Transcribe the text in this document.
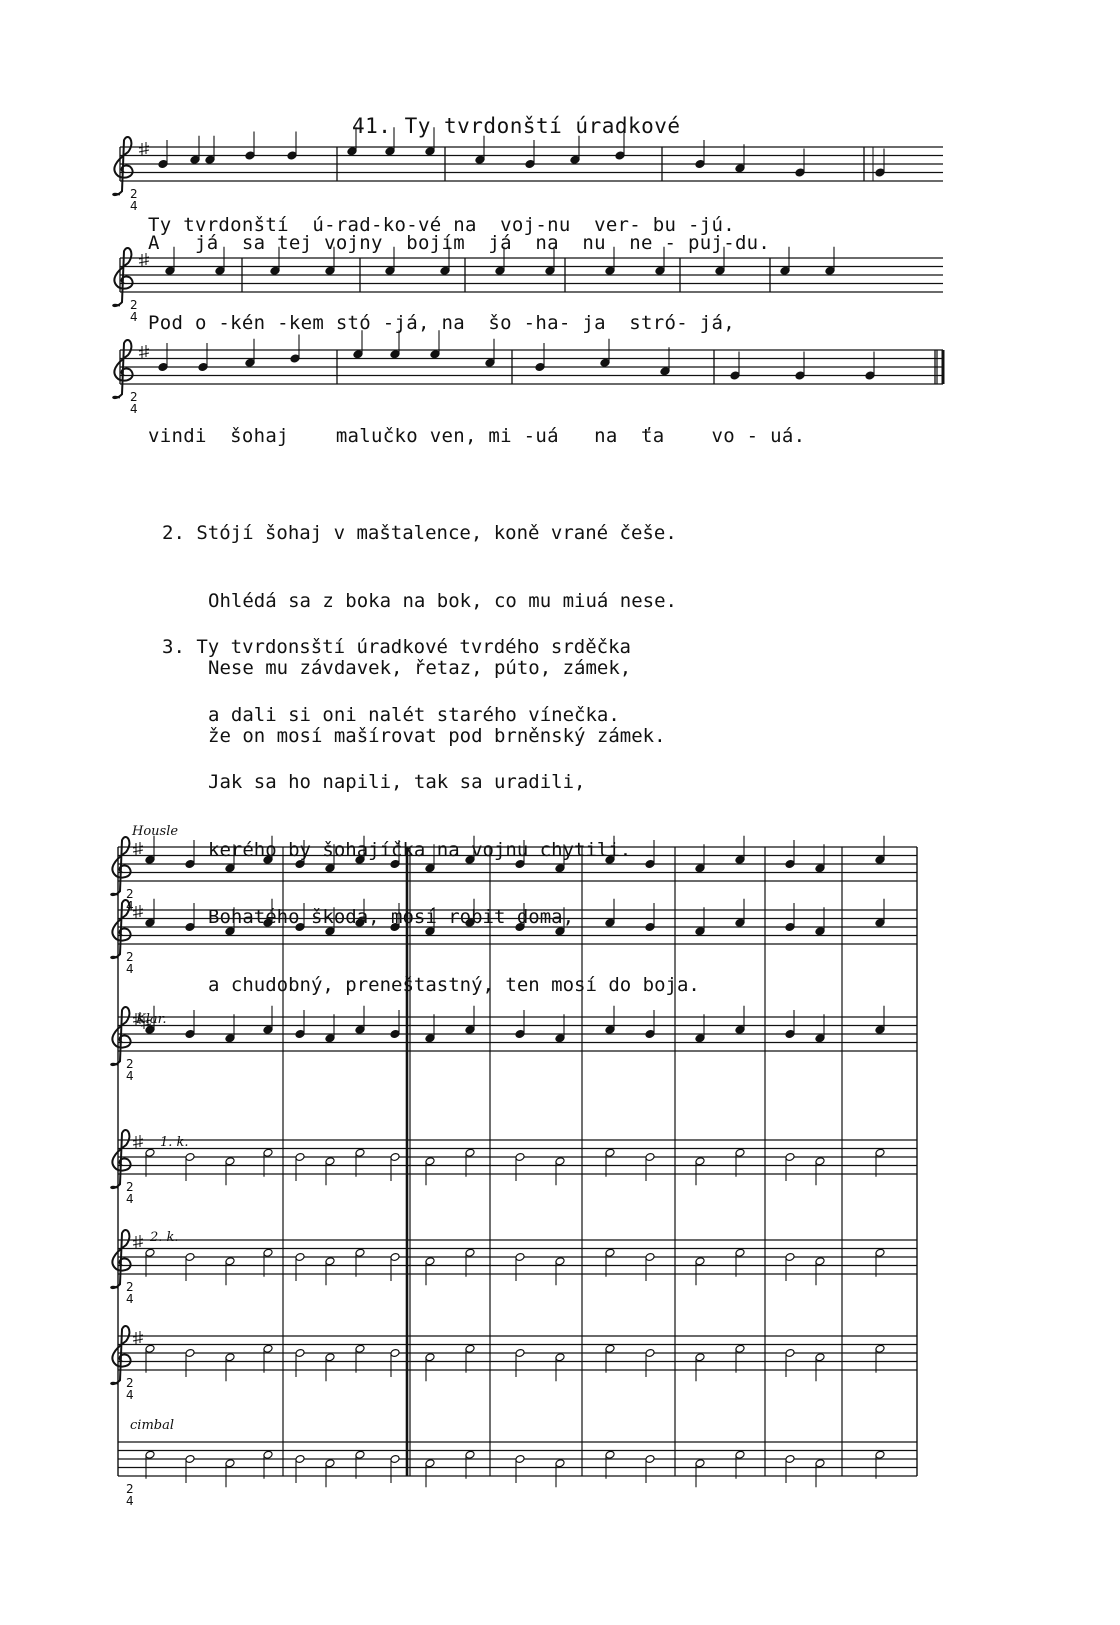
41. Ty tvrdonští úradkové
2
4
2
4
2
4
2
4
2
4
2
4
2
4
2
4
2
4
2
4
Ty tvrdonští  ú-rad-ko-vé na  voj-nu  ver- bu -jú.
A   já  sa tej vojny  bojím  já  na  nu  ne - puj-du.
Pod o -kén -kem stó -já, na  šo -ha- ja  stró- já,
vindi  šohaj    malučko ven, mi -uá   na  ťa    vo - uá.

2. Stójí šohaj v maštalence, koně vrané češe.

Ohlédá sa z boka na bok, co mu miuá nese.

Nese mu závdavek, řetaz, púto, zámek,

že on mosí mašírovat pod brněnský zámek.

3. Ty tvrdonsští úradkové tvrdého srděčka

a dali si oni nalét starého vínečka.

Jak sa ho napili, tak sa uradili,

kerého by šohajíčka na vojnu chytili.

Bohatého škoda, mosí robit doma,

a chudobný, preneštastný, ten mosí do boja.

Housle
Klar.
1. k.
2. k.
cimbal
